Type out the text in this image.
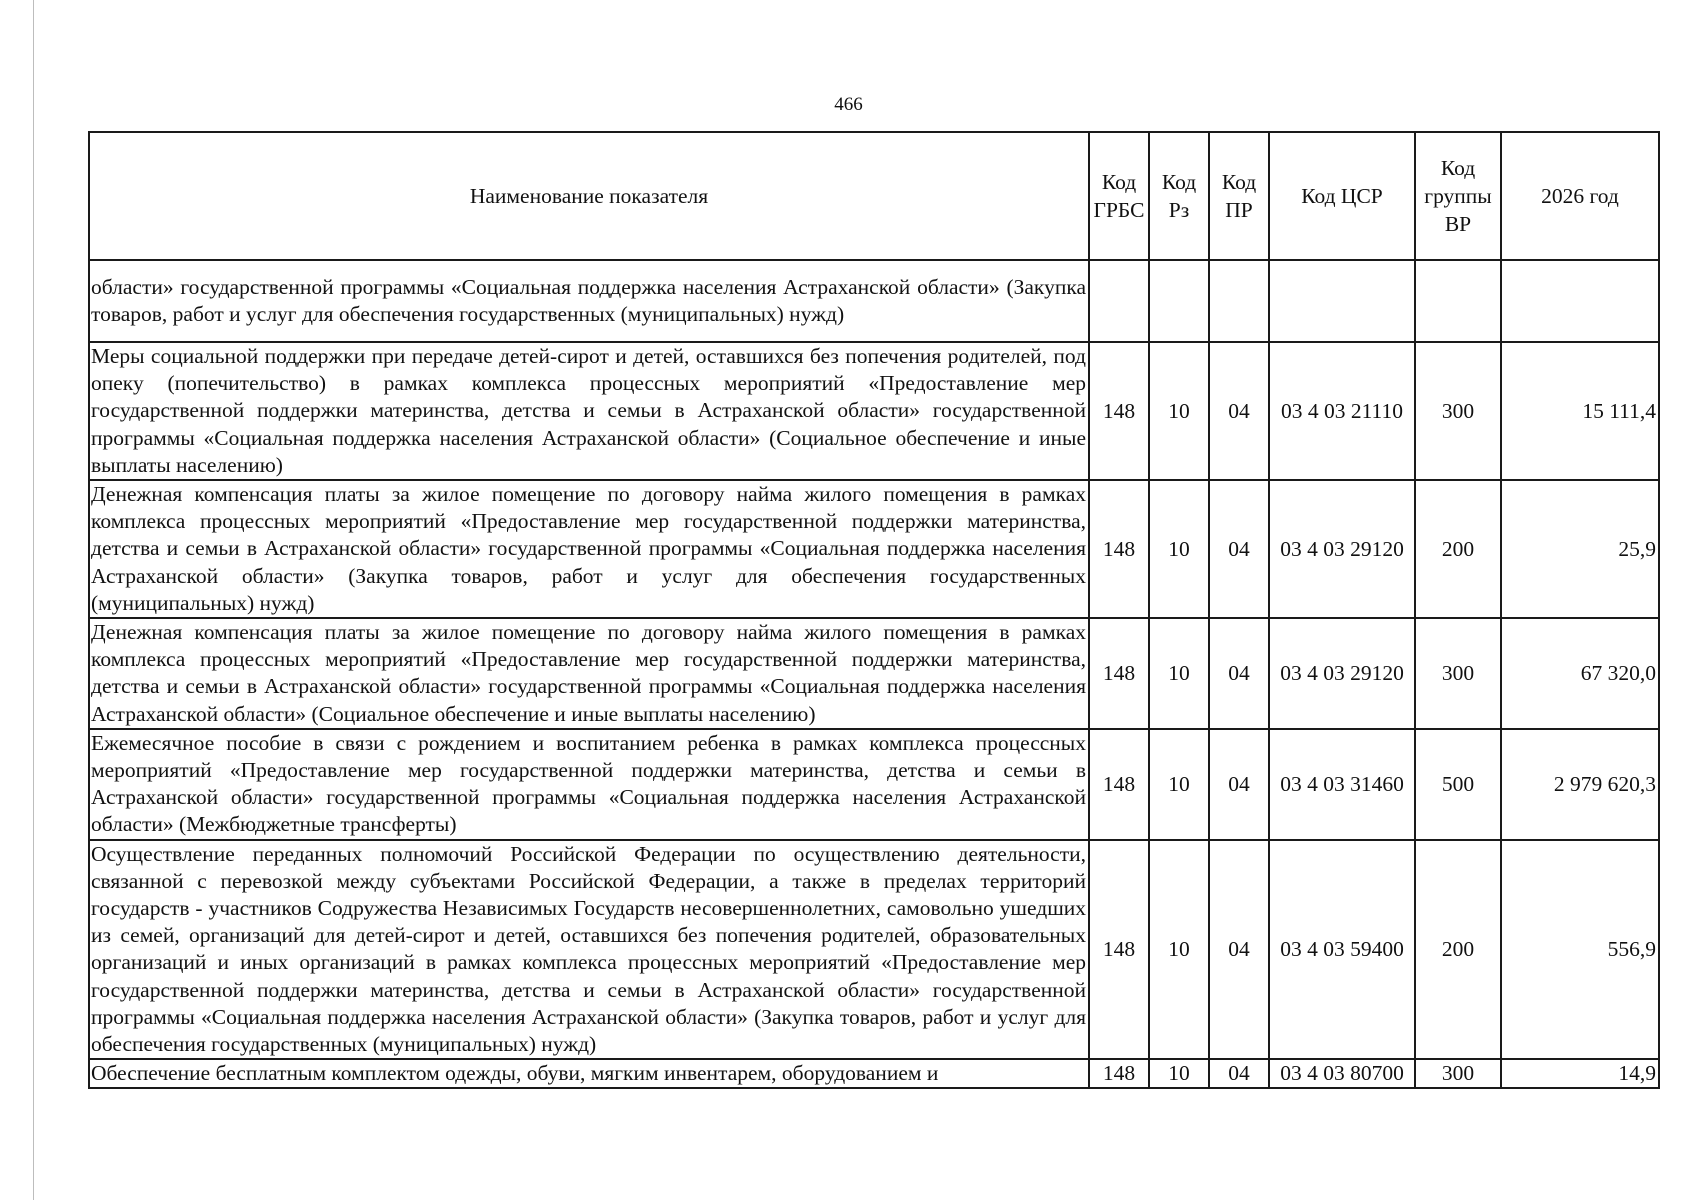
466
Наименование показателя	Код ГРБС	Код Рз	Код ПР	Код ЦСР	Код группы ВР	2026 год
области» государственной программы «Социальная поддержка населения Астраханской области» (Закупка товаров, работ и услуг для обеспечения государственных (муниципальных) нужд)						
Меры социальной поддержки при передаче детей-сирот и детей, оставшихся без попечения родителей, под опеку (попечительство) в рамках комплекса процессных мероприятий «Предоставление мер государственной поддержки материнства, детства и семьи в Астраханской области» государственной программы «Социальная поддержка населения Астраханской области» (Социальное обеспечение и иные выплаты населению)	148	10	04	03 4 03 21110	300	15 111,4
Денежная компенсация платы за жилое помещение по договору найма жилого помещения в рамках комплекса процессных мероприятий «Предоставление мер государственной поддержки материнства, детства и семьи в Астраханской области» государственной программы «Социальная поддержка населения Астраханской области» (Закупка товаров, работ и услуг для обеспечения государственных (муниципальных) нужд)	148	10	04	03 4 03 29120	200	25,9
Денежная компенсация платы за жилое помещение по договору найма жилого помещения в рамках комплекса процессных мероприятий «Предоставление мер государственной поддержки материнства, детства и семьи в Астраханской области» государственной программы «Социальная поддержка населения Астраханской области» (Социальное обеспечение и иные выплаты населению)	148	10	04	03 4 03 29120	300	67 320,0
Ежемесячное пособие в связи с рождением и воспитанием ребенка в рамках комплекса процессных мероприятий «Предоставление мер государственной поддержки материнства, детства и семьи в Астраханской области» государственной программы «Социальная поддержка населения Астраханской области» (Межбюджетные трансферты)	148	10	04	03 4 03 31460	500	2 979 620,3
Осуществление переданных полномочий Российской Федерации по осуществлению деятельности, связанной с перевозкой между субъектами Российской Федерации, а также в пределах территорий государств - участников Содружества Независимых Государств несовершеннолетних, самовольно ушедших из семей, организаций для детей-сирот и детей, оставшихся без попечения родителей, образовательных организаций и иных организаций в рамках комплекса процессных мероприятий «Предоставление мер государственной поддержки материнства, детства и семьи в Астраханской области» государственной программы «Социальная поддержка населения Астраханской области» (Закупка товаров, работ и услуг для обеспечения государственных (муниципальных) нужд)	148	10	04	03 4 03 59400	200	556,9
Обеспечение бесплатным комплектом одежды, обуви, мягким инвентарем, оборудованием и	148	10	04	03 4 03 80700	300	14,9
